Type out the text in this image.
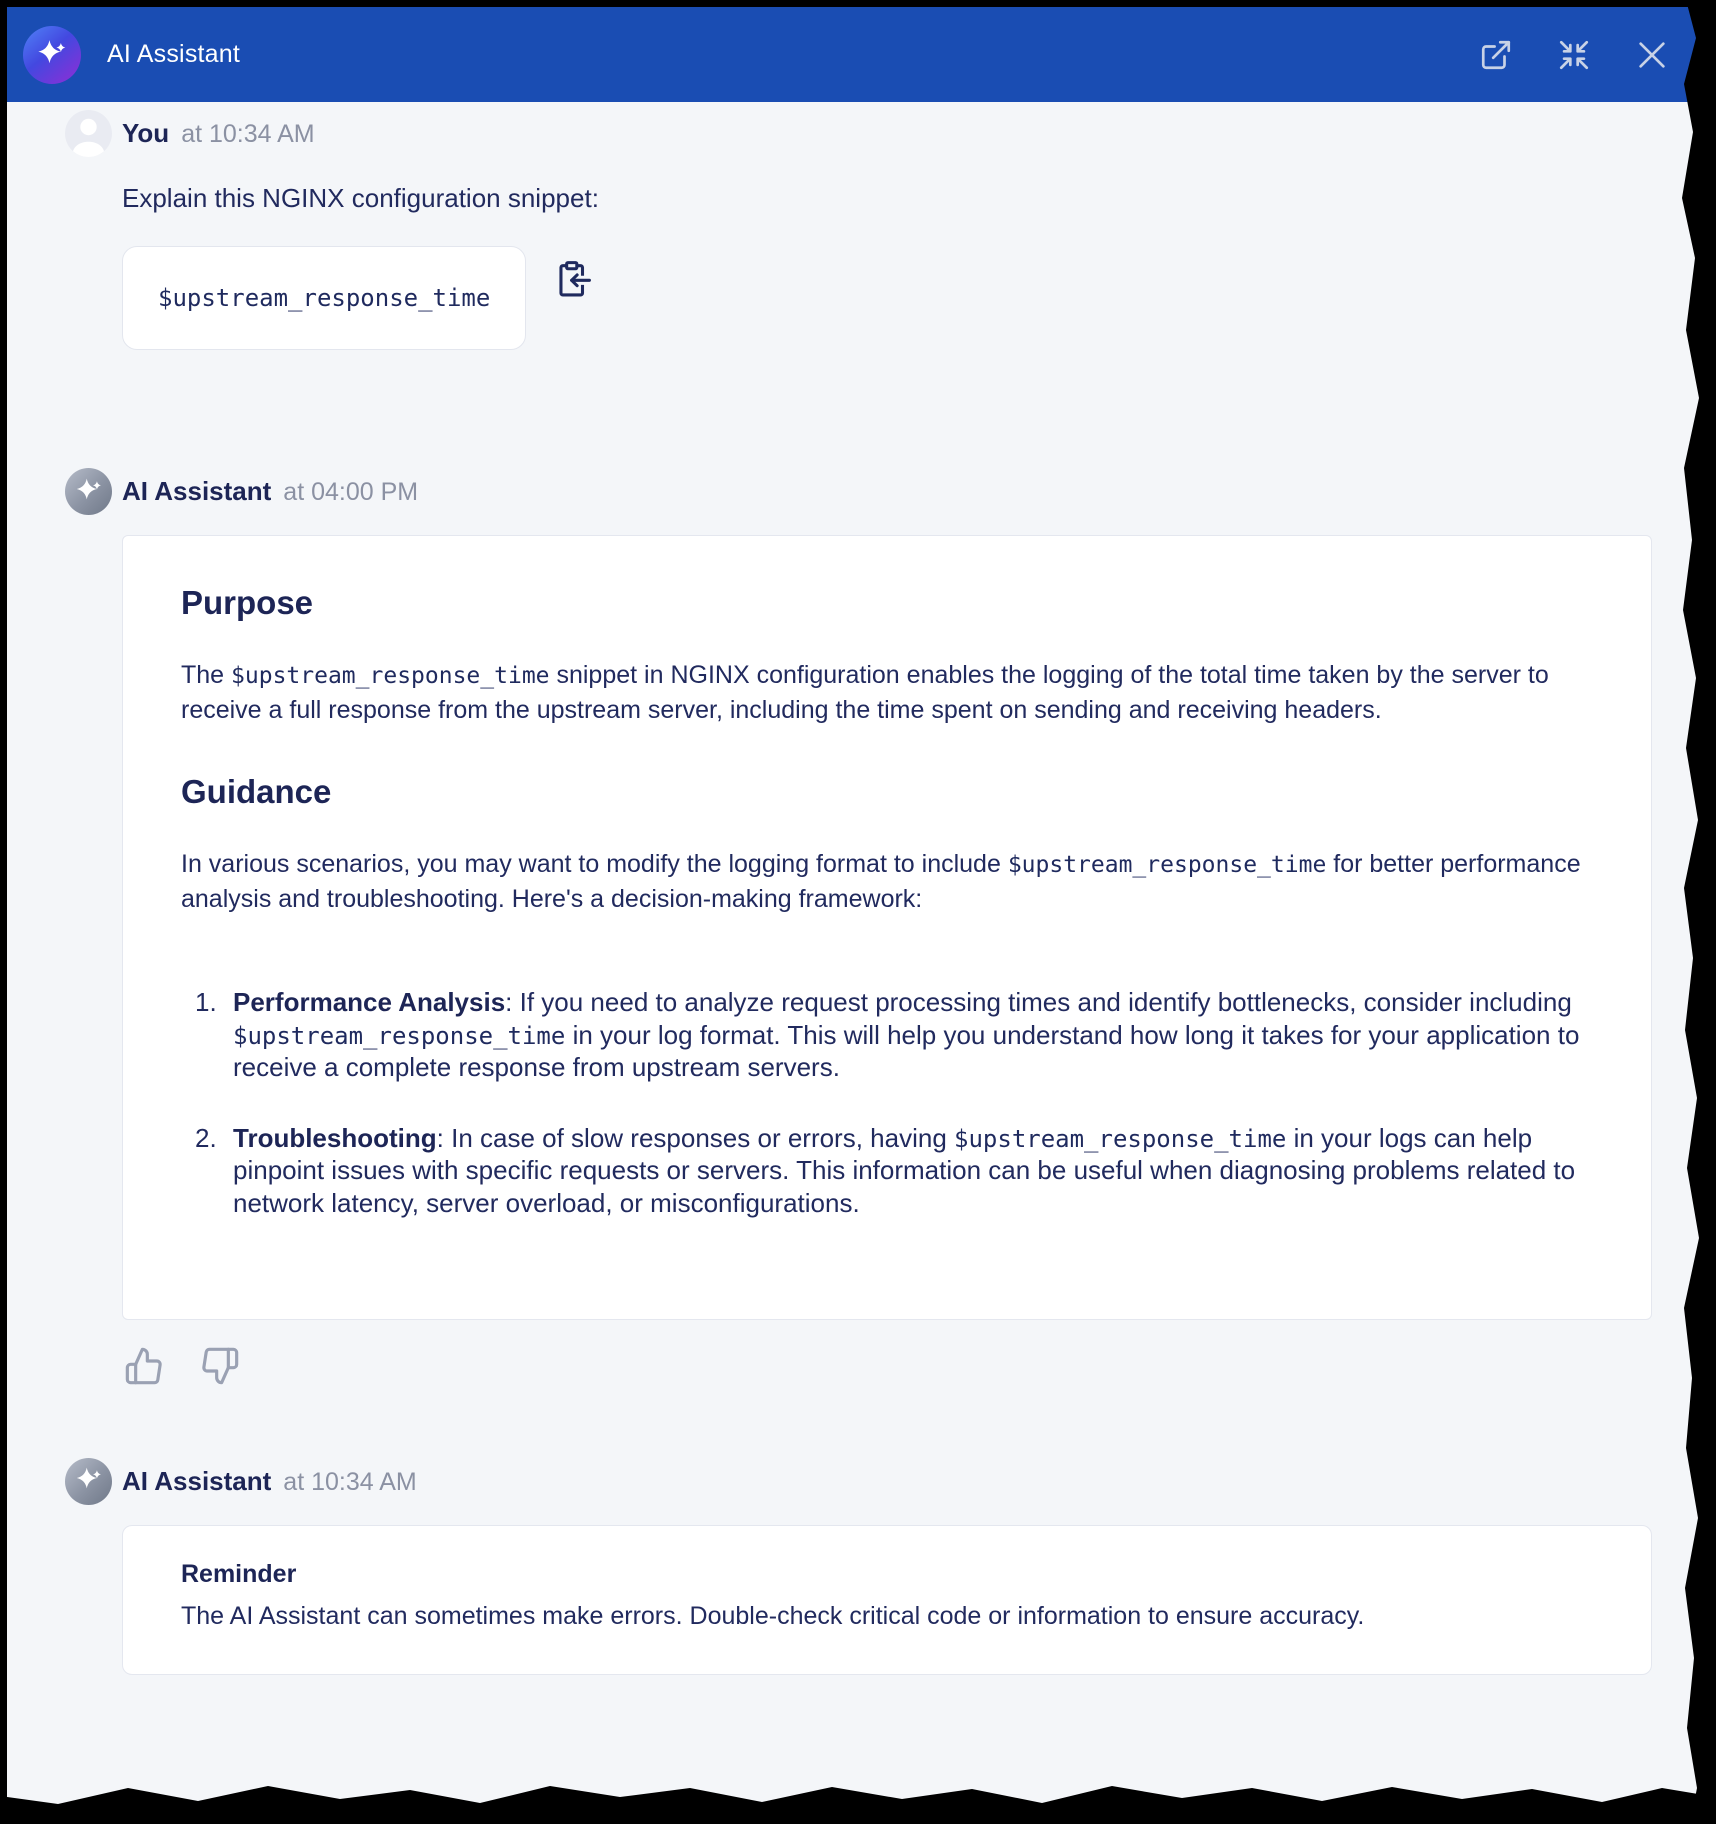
AI Assistant
You at 10:34 AM
Explain this NGINX configuration snippet:
$upstream_response_time
AI Assistant at 04:00 PM
Purpose

The $upstream_response_time snippet in NGINX configuration enables the logging of the total time taken by the server to receive a full response from the upstream server, including the time spent on sending and receiving headers.

Guidance

In various scenarios, you may want to modify the logging format to include $upstream_response_time for better performance analysis and troubleshooting. Here's a decision-making framework:

1. Performance Analysis: If you need to analyze request processing times and identify bottlenecks, consider including $upstream_response_time in your log format. This will help you understand how long it takes for your application to receive a complete response from upstream servers.
2. Troubleshooting: In case of slow responses or errors, having $upstream_response_time in your logs can help pinpoint issues with specific requests or servers. This information can be useful when diagnosing problems related to network latency, server overload, or misconfigurations.
AI Assistant at 10:34 AM
Reminder
The AI Assistant can sometimes make errors. Double-check critical code or information to ensure accuracy.
